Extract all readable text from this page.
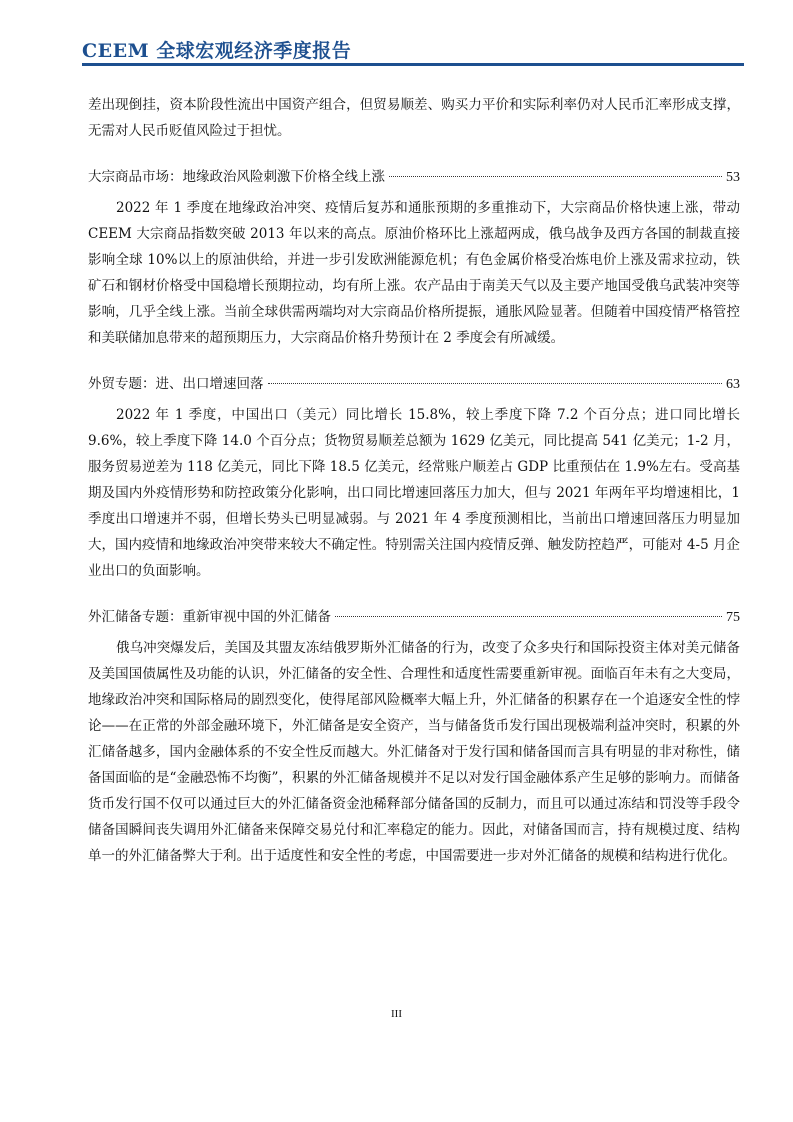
CEEM 全球宏观经济季度报告

差出现倒挂，资本阶段性流出中国资产组合，但贸易顺差、购买力平价和实际利率仍对人民币汇率形成支撑，无需对人民币贬值风险过于担忧。

大宗商品市场：地缘政治风险刺激下价格全线上涨	53

2022 年 1 季度在地缘政治冲突、疫情后复苏和通胀预期的多重推动下，大宗商品价格快速上涨，带动 CEEM 大宗商品指数突破 2013 年以来的高点。原油价格环比上涨超两成，俄乌战争及西方各国的制裁直接影响全球 10%以上的原油供给，并进一步引发欧洲能源危机；有色金属价格受冶炼电价上涨及需求拉动，铁矿石和钢材价格受中国稳增长预期拉动，均有所上涨。农产品由于南美天气以及主要产地国受俄乌武装冲突等影响，几乎全线上涨。当前全球供需两端均对大宗商品价格所提振，通胀风险显著。但随着中国疫情严格管控和美联储加息带来的超预期压力，大宗商品价格升势预计在 2 季度会有所减缓。

外贸专题：进、出口增速回落	63

2022 年 1 季度，中国出口（美元）同比增长 15.8%，较上季度下降 7.2 个百分点；进口同比增长 9.6%，较上季度下降 14.0 个百分点；货物贸易顺差总额为 1629 亿美元，同比提高 541 亿美元；1-2 月，服务贸易逆差为 118 亿美元，同比下降 18.5 亿美元，经常账户顺差占 GDP 比重预估在 1.9%左右。受高基期及国内外疫情形势和防控政策分化影响，出口同比增速回落压力加大，但与 2021 年两年平均增速相比，1 季度出口增速并不弱，但增长势头已明显减弱。与 2021 年 4 季度预测相比，当前出口增速回落压力明显加大，国内疫情和地缘政治冲突带来较大不确定性。特别需关注国内疫情反弹、触发防控趋严，可能对 4-5 月企业出口的负面影响。

外汇储备专题：重新审视中国的外汇储备	75

俄乌冲突爆发后，美国及其盟友冻结俄罗斯外汇储备的行为，改变了众多央行和国际投资主体对美元储备及美国国债属性及功能的认识，外汇储备的安全性、合理性和适度性需要重新审视。面临百年未有之大变局，地缘政治冲突和国际格局的剧烈变化，使得尾部风险概率大幅上升，外汇储备的积累存在一个追逐安全性的悖论——在正常的外部金融环境下，外汇储备是安全资产，当与储备货币发行国出现极端利益冲突时，积累的外汇储备越多，国内金融体系的不安全性反而越大。外汇储备对于发行国和储备国而言具有明显的非对称性，储备国面临的是“金融恐怖不均衡”，积累的外汇储备规模并不足以对发行国金融体系产生足够的影响力。而储备货币发行国不仅可以通过巨大的外汇储备资金池稀释部分储备国的反制力，而且可以通过冻结和罚没等手段令储备国瞬间丧失调用外汇储备来保障交易兑付和汇率稳定的能力。因此，对储备国而言，持有规模过度、结构单一的外汇储备弊大于利。出于适度性和安全性的考虑，中国需要进一步对外汇储备的规模和结构进行优化。

III
